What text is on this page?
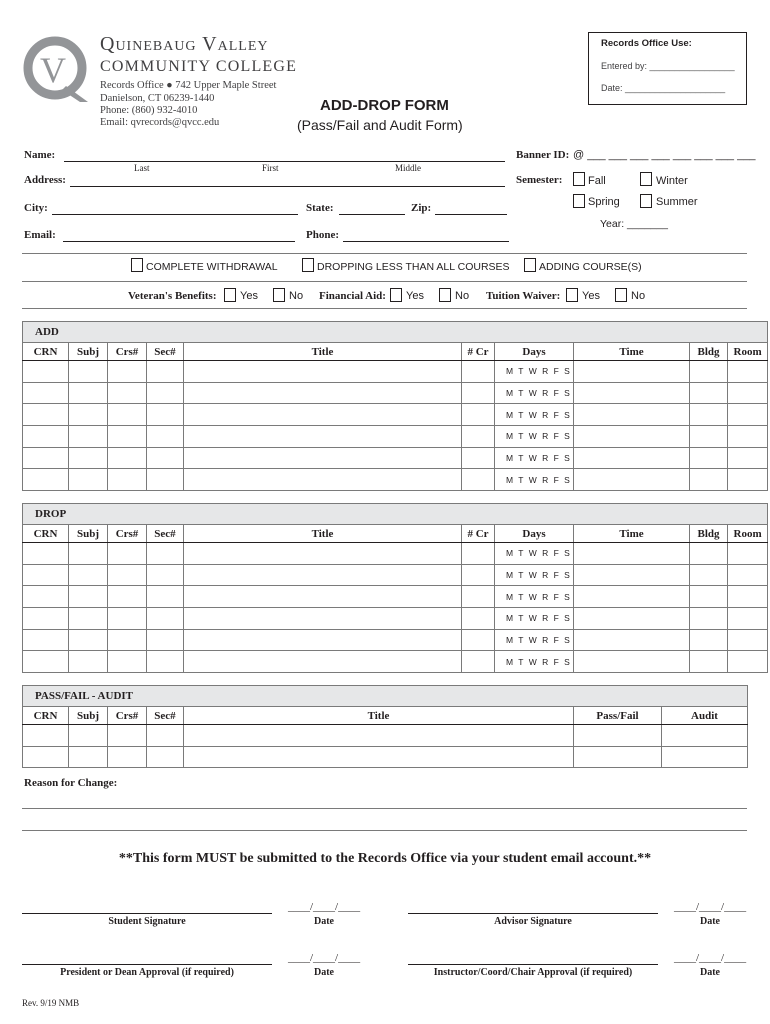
V
Quinebaug Valley
COMMUNITY COLLEGE
Records Office ● 742 Upper Maple Street
Danielson, CT 06239-1440
Phone: (860) 932-4010
Email: qvrecords@qvcc.edu
Records Office Use:
Entered by: _________________
Date: ____________________
ADD-DROP FORM
(Pass/Fail and Audit Form)
Name:
Last	First	Middle
Banner ID: @ ___ ___ ___ ___ ___ ___ ___ ___
Address:	Semester: Fall	Winter
Spring	Summer
Year: _______
City:	State:	Zip:
Email:	Phone:
COMPLETE WITHDRAWAL	DROPPING LESS THAN ALL COURSES	ADDING COURSE(S)
Veteran's Benefits: Yes	No Financial Aid: Yes	No Tuition Waiver: Yes	No
ADD									
CRN	Subj	Crs#	Sec#	Title	# Cr	Days	Time	Bldg	Room
						M T W R F S			
						M T W R F S			
						M T W R F S			
						M T W R F S			
						M T W R F S			
						M T W R F S			
DROP									
CRN	Subj	Crs#	Sec#	Title	# Cr	Days	Time	Bldg	Room
						M T W R F S			
						M T W R F S			
						M T W R F S			
						M T W R F S			
						M T W R F S			
						M T W R F S			
PASS/FAIL - AUDIT						
CRN	Subj	Crs#	Sec#	Title	Pass/Fail	Audit

Reason for Change:
**This form MUST be submitted to the Records Office via your student email account.**
Student Signature
____/____/____
Date	Advisor Signature
____/____/____
Date
President or Dean Approval (if required)
____/____/____
Date	Instructor/Coord/Chair Approval (if required)
____/____/____
Date
Rev. 9/19 NMB
